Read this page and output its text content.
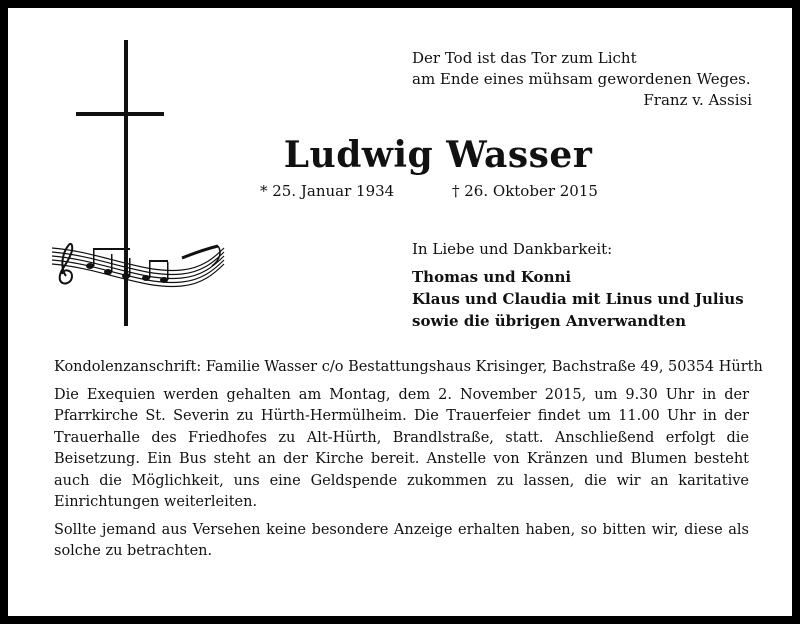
Der Tod ist das Tor zum Licht
am Ende eines mühsam gewordenen Weges.
Franz v. Assisi
Ludwig Wasser
* 25. Januar 1934	† 26. Oktober 2015
In Liebe und Dankbarkeit:
Thomas und Konni
Klaus und Claudia mit Linus und Julius
sowie die übrigen Anverwandten

Kondolenzanschrift: Familie Wasser c/o Bestattungshaus Krisinger, Bachstraße 49, 50354 Hürth

Die Exequien werden gehalten am Montag, dem 2. November 2015, um 9.30 Uhr in der Pfarrkirche St. Severin zu Hürth-Hermülheim. Die Trauerfeier findet um 11.00 Uhr in der Trauerhalle des Friedhofes zu Alt-Hürth, Brandlstraße, statt. Anschließend erfolgt die Beisetzung. Ein Bus steht an der Kirche bereit. Anstelle von Kränzen und Blumen besteht auch die Möglichkeit, uns eine Geldspende zukommen zu lassen, die wir an karitative Einrichtungen weiterleiten.

Sollte jemand aus Versehen keine besondere Anzeige erhalten haben, so bitten wir, diese als solche zu betrachten.
